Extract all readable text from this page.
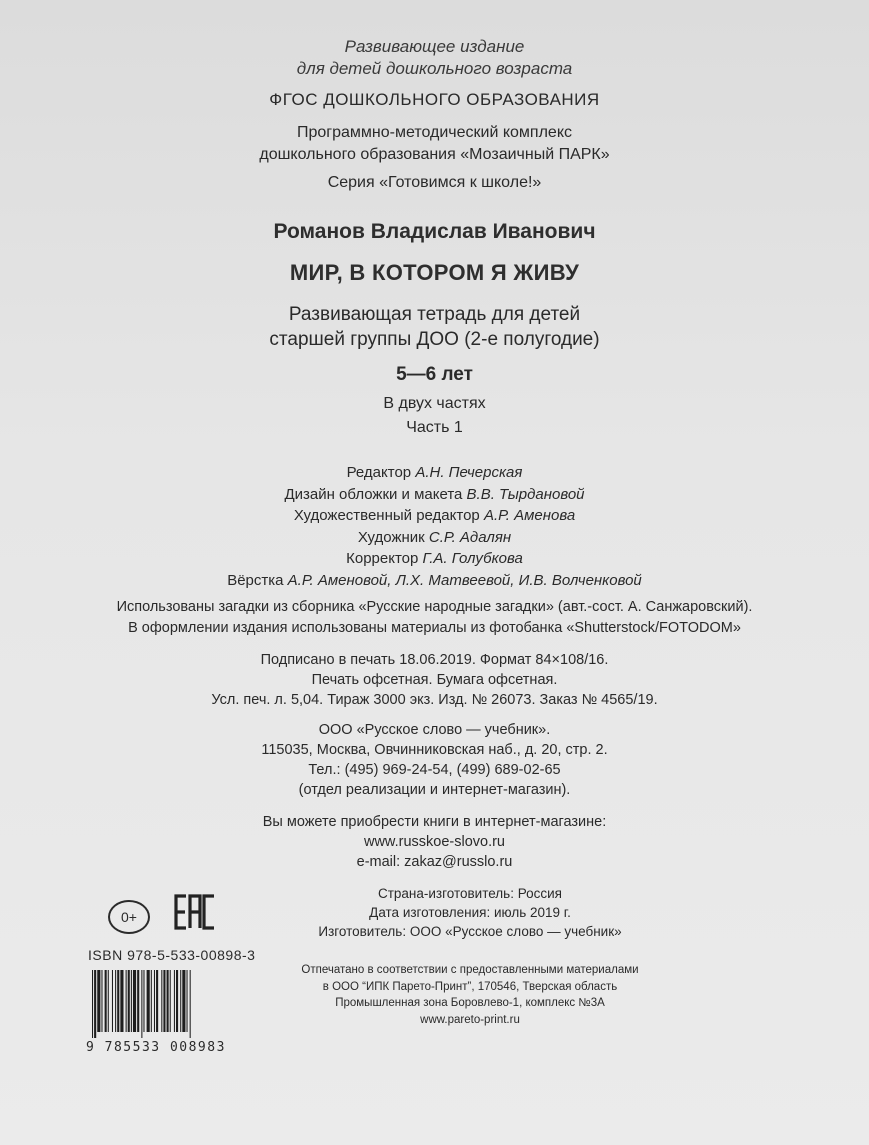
Развивающее издание
для детей дошкольного возраста
ФГОС ДОШКОЛЬНОГО ОБРАЗОВАНИЯ
Программно-методический комплекс
дошкольного образования «Мозаичный ПАРК»
Серия «Готовимся к школе!»
Романов Владислав Иванович
МИР, В КОТОРОМ Я ЖИВУ
Развивающая тетрадь для детей
старшей группы ДОО (2-е полугодие)
5—6 лет
В двух частях
Часть 1
Редактор А.Н. Печерская
Дизайн обложки и макета В.В. Тырдановой
Художественный редактор А.Р. Аменова
Художник С.Р. Адалян
Корректор Г.А. Голубкова
Вёрстка А.Р. Аменовой, Л.Х. Матвеевой, И.В. Волченковой
Использованы загадки из сборника «Русские народные загадки» (авт.-сост. А. Санжаровский).
В оформлении издания использованы материалы из фотобанка «Shutterstock/FOTODOM»
Подписано в печать 18.06.2019. Формат 84×108/16.
Печать офсетная. Бумага офсетная.
Усл. печ. л. 5,04. Тираж 3000 экз. Изд. № 26073. Заказ № 4565/19.
ООО «Русское слово — учебник».
115035, Москва, Овчинниковская наб., д. 20, стр. 2.
Тел.: (495) 969-24-54, (499) 689-02-65
(отдел реализации и интернет-магазин).
Вы можете приобрести книги в интернет-магазине:
www.russkoe-slovo.ru
e-mail: zakaz@russlo.ru
Страна-изготовитель: Россия
Дата изготовления: июль 2019 г.
Изготовитель: ООО «Русское слово — учебник»
Отпечатано в соответствии с предоставленными материалами
в ООО “ИПК Парето-Принт”, 170546, Тверская область
Промышленная зона Боровлево-1, комплекс №3А
www.pareto-print.ru
0+
ISBN 978-5-533-00898-3
9 785533 008983
